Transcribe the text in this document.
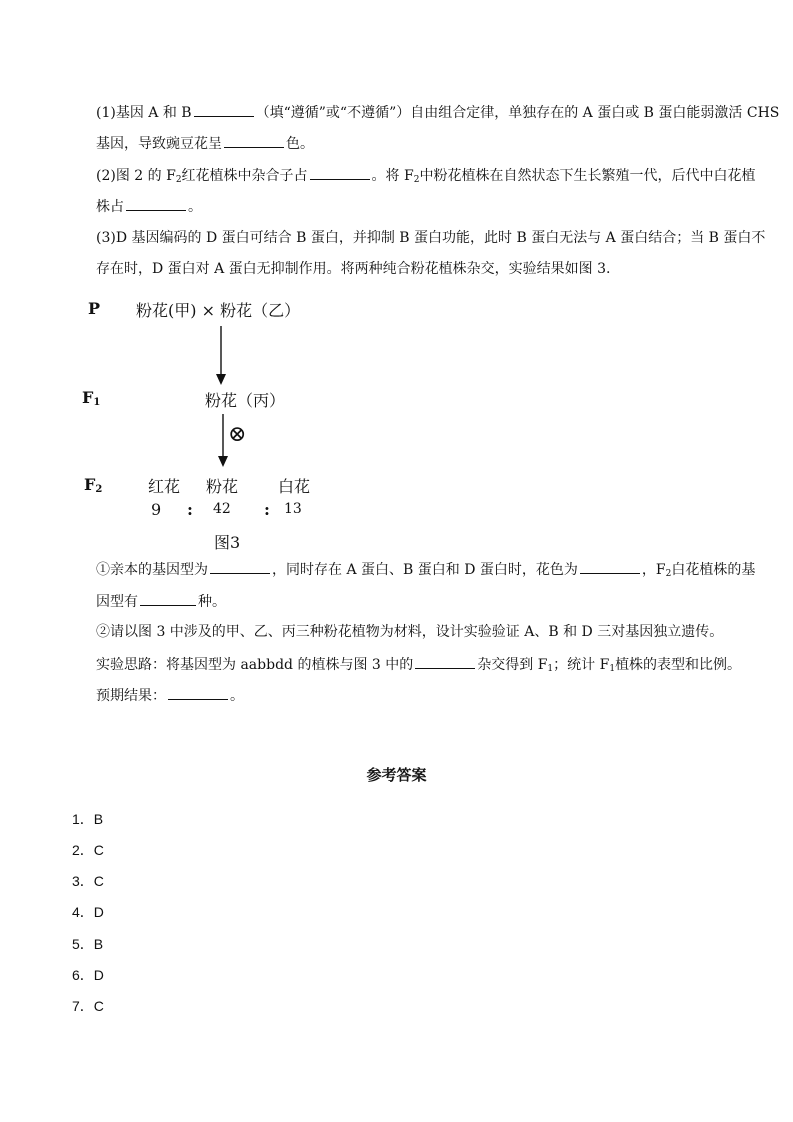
(1)基因 A 和 B	（填“遵循”或“不遵循”）自由组合定律，单独存在的 A 蛋白或 B 蛋白能弱激活 CHS
基因，导致豌豆花呈	色。
(2)图 2 的 $F_2$红花植株中杂合子占	。将 $F_2$中粉花植株在自然状态下生长繁殖一代，后代中白花植
株占	。
(3)D 基因编码的 D 蛋白可结合 B 蛋白，并抑制 B 蛋白功能，此时 B 蛋白无法与 A 蛋白结合；当 B 蛋白不
存在时，D 蛋白对 A 蛋白无抑制作用。将两种纯合粉花植株杂交，实验结果如图 3.
P 粉花(甲) × 粉花（乙）
$F_1$	粉花（丙）
⊗
$F_2$	红花 粉花 白花
9 : 42 : 13
图3
①亲本的基因型为	，同时存在 A 蛋白、B 蛋白和 D 蛋白时，花色为	，$F_2$白花植株的基
因型有	种。
②请以图 3 中涉及的甲、乙、丙三种粉花植物为材料，设计实验验证 A、B 和 D 三对基因独立遗传。
实验思路：将基因型为 aabbdd 的植株与图 3 中的	杂交得到 $F_1$；统计 $F_1$植株的表型和比例。
预期结果：	。
参考答案
1．B
2．C
3．C
4．D
5．B
6．D
7．C
